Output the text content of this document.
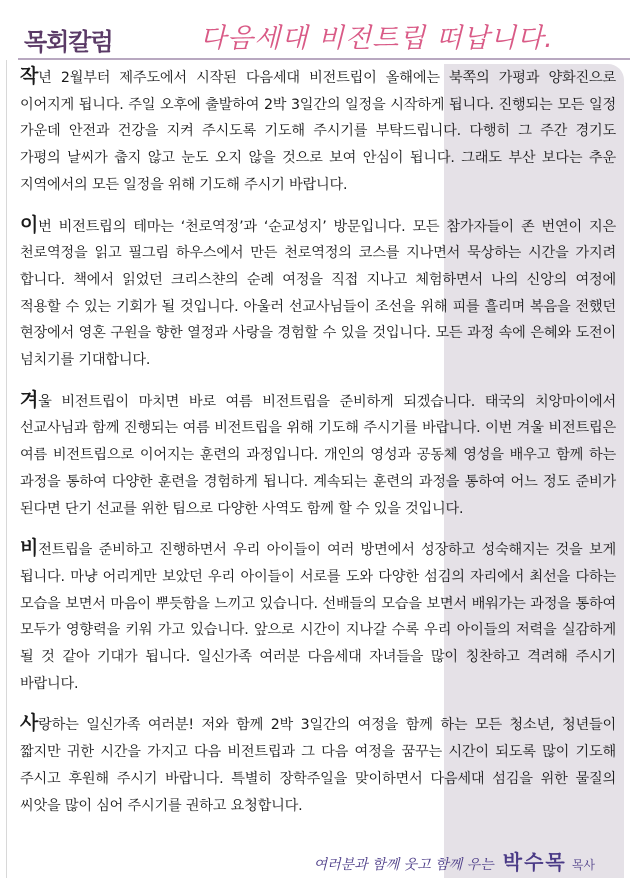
목회칼럼	다음세대 비전트립 떠납니다.

작년 2월부터 제주도에서 시작된 다음세대 비전트립이 올해에는 북쪽의 가평과 양화진으로 이어지게 됩니다. 주일 오후에 출발하여 2박 3일간의 일정을 시작하게 됩니다. 진행되는 모든 일정 가운데 안전과 건강을 지켜 주시도록 기도해 주시기를 부탁드립니다. 다행히 그 주간 경기도 가평의 날씨가 춥지 않고 눈도 오지 않을 것으로 보여 안심이 됩니다. 그래도 부산 보다는 추운 지역에서의 모든 일정을 위해 기도해 주시기 바랍니다.

이번 비전트립의 테마는 ‘천로역정’과 ‘순교성지’ 방문입니다. 모든 참가자들이 존 번연이 지은 천로역정을 읽고 필그림 하우스에서 만든 천로역정의 코스를 지나면서 묵상하는 시간을 가지려 합니다. 책에서 읽었던 크리스챤의 순례 여정을 직접 지나고 체험하면서 나의 신앙의 여정에 적용할 수 있는 기회가 될 것입니다. 아울러 선교사님들이 조선을 위해 피를 흘리며 복음을 전했던 현장에서 영혼 구원을 향한 열정과 사랑을 경험할 수 있을 것입니다. 모든 과정 속에 은혜와 도전이 넘치기를 기대합니다.

겨울 비전트립이 마치면 바로 여름 비전트립을 준비하게 되겠습니다. 태국의 치앙마이에서 선교사님과 함께 진행되는 여름 비전트립을 위해 기도해 주시기를 바랍니다. 이번 겨울 비전트립은 여름 비전트립으로 이어지는 훈련의 과정입니다. 개인의 영성과 공동체 영성을 배우고 함께 하는 과정을 통하여 다양한 훈련을 경험하게 됩니다. 계속되는 훈련의 과정을 통하여 어느 정도 준비가 된다면 단기 선교를 위한 팀으로 다양한 사역도 함께 할 수 있을 것입니다.

비전트립을 준비하고 진행하면서 우리 아이들이 여러 방면에서 성장하고 성숙해지는 것을 보게 됩니다. 마냥 어리게만 보았던 우리 아이들이 서로를 도와 다양한 섬김의 자리에서 최선을 다하는 모습을 보면서 마음이 뿌듯함을 느끼고 있습니다. 선배들의 모습을 보면서 배워가는 과정을 통하여 모두가 영향력을 키워 가고 있습니다. 앞으로 시간이 지나갈 수록 우리 아이들의 저력을 실감하게 될 것 같아 기대가 됩니다. 일신가족 여러분 다음세대 자녀들을 많이 칭찬하고 격려해 주시기 바랍니다.

사랑하는 일신가족 여러분! 저와 함께 2박 3일간의 여정을 함께 하는 모든 청소년, 청년들이 짧지만 귀한 시간을 가지고 다음 비전트립과 그 다음 여정을 꿈꾸는 시간이 되도록 많이 기도해 주시고 후원해 주시기 바랍니다. 특별히 장학주일을 맞이하면서 다음세대 섬김을 위한 물질의 씨앗을 많이 심어 주시기를 권하고 요청합니다.

여러분과 함께 웃고 함께 우는 박수목 목사
